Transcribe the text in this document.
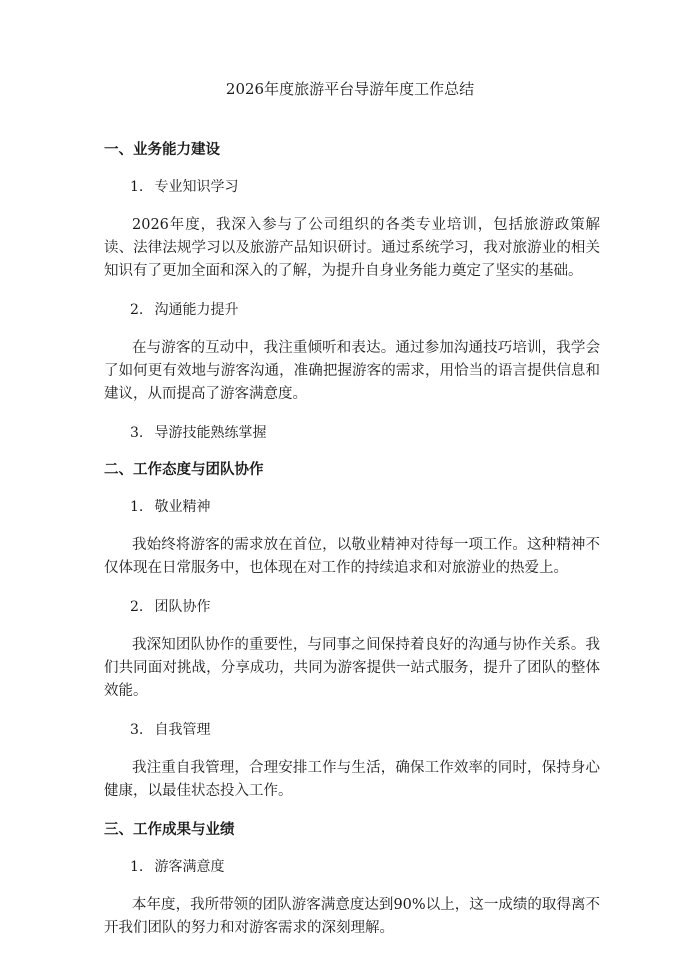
2026年度旅游平台导游年度工作总结
一、业务能力建设
1. 专业知识学习

2026年度，我深入参与了公司组织的各类专业培训，包括旅游政策解读、法律法规学习以及旅游产品知识研讨。通过系统学习，我对旅游业的相关知识有了更加全面和深入的了解，为提升自身业务能力奠定了坚实的基础。

2. 沟通能力提升

在与游客的互动中，我注重倾听和表达。通过参加沟通技巧培训，我学会了如何更有效地与游客沟通，准确把握游客的需求，用恰当的语言提供信息和建议，从而提高了游客满意度。

3. 导游技能熟练掌握
二、工作态度与团队协作
1. 敬业精神

我始终将游客的需求放在首位，以敬业精神对待每一项工作。这种精神不仅体现在日常服务中，也体现在对工作的持续追求和对旅游业的热爱上。

2. 团队协作

我深知团队协作的重要性，与同事之间保持着良好的沟通与协作关系。我们共同面对挑战，分享成功，共同为游客提供一站式服务，提升了团队的整体效能。

3. 自我管理

我注重自我管理，合理安排工作与生活，确保工作效率的同时，保持身心健康，以最佳状态投入工作。

三、工作成果与业绩
1. 游客满意度

本年度，我所带领的团队游客满意度达到90%以上，这一成绩的取得离不开我们团队的努力和对游客需求的深刻理解。
